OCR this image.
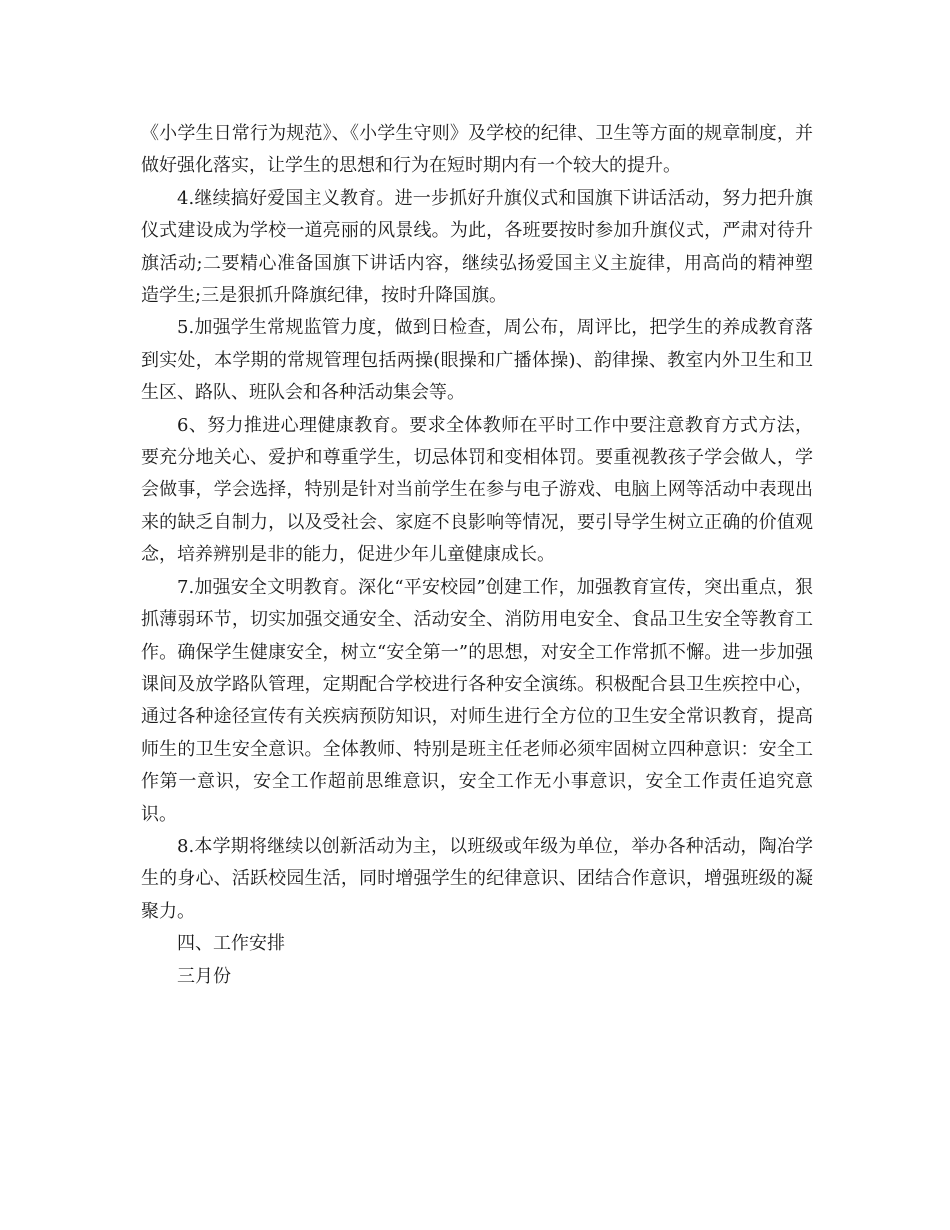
《小学生日常行为规范》、《小学生守则》及学校的纪律、卫生等方面的规章制度，并做好强化落实，让学生的思想和行为在短时期内有一个较大的提升。

4.继续搞好爱国主义教育。进一步抓好升旗仪式和国旗下讲话活动，努力把升旗仪式建设成为学校一道亮丽的风景线。为此，各班要按时参加升旗仪式，严肃对待升旗活动;二要精心准备国旗下讲话内容，继续弘扬爱国主义主旋律，用高尚的精神塑造学生;三是狠抓升降旗纪律，按时升降国旗。

5.加强学生常规监管力度，做到日检查，周公布，周评比，把学生的养成教育落到实处，本学期的常规管理包括两操(眼操和广播体操)、韵律操、教室内外卫生和卫生区、路队、班队会和各种活动集会等。

6、努力推进心理健康教育。要求全体教师在平时工作中要注意教育方式方法，要充分地关心、爱护和尊重学生，切忌体罚和变相体罚。要重视教孩子学会做人，学会做事，学会选择，特别是针对当前学生在参与电子游戏、电脑上网等活动中表现出来的缺乏自制力，以及受社会、家庭不良影响等情况，要引导学生树立正确的价值观念，培养辨别是非的能力，促进少年儿童健康成长。

7.加强安全文明教育。深化“平安校园”创建工作，加强教育宣传，突出重点，狠抓薄弱环节，切实加强交通安全、活动安全、消防用电安全、食品卫生安全等教育工作。确保学生健康安全，树立“安全第一”的思想，对安全工作常抓不懈。进一步加强课间及放学路队管理，定期配合学校进行各种安全演练。积极配合县卫生疾控中心，通过各种途径宣传有关疾病预防知识，对师生进行全方位的卫生安全常识教育，提高师生的卫生安全意识。全体教师、特别是班主任老师必须牢固树立四种意识：安全工作第一意识，安全工作超前思维意识，安全工作无小事意识，安全工作责任追究意识。

8.本学期将继续以创新活动为主，以班级或年级为单位，举办各种活动，陶冶学生的身心、活跃校园生活，同时增强学生的纪律意识、团结合作意识，增强班级的凝聚力。

四、工作安排

三月份
